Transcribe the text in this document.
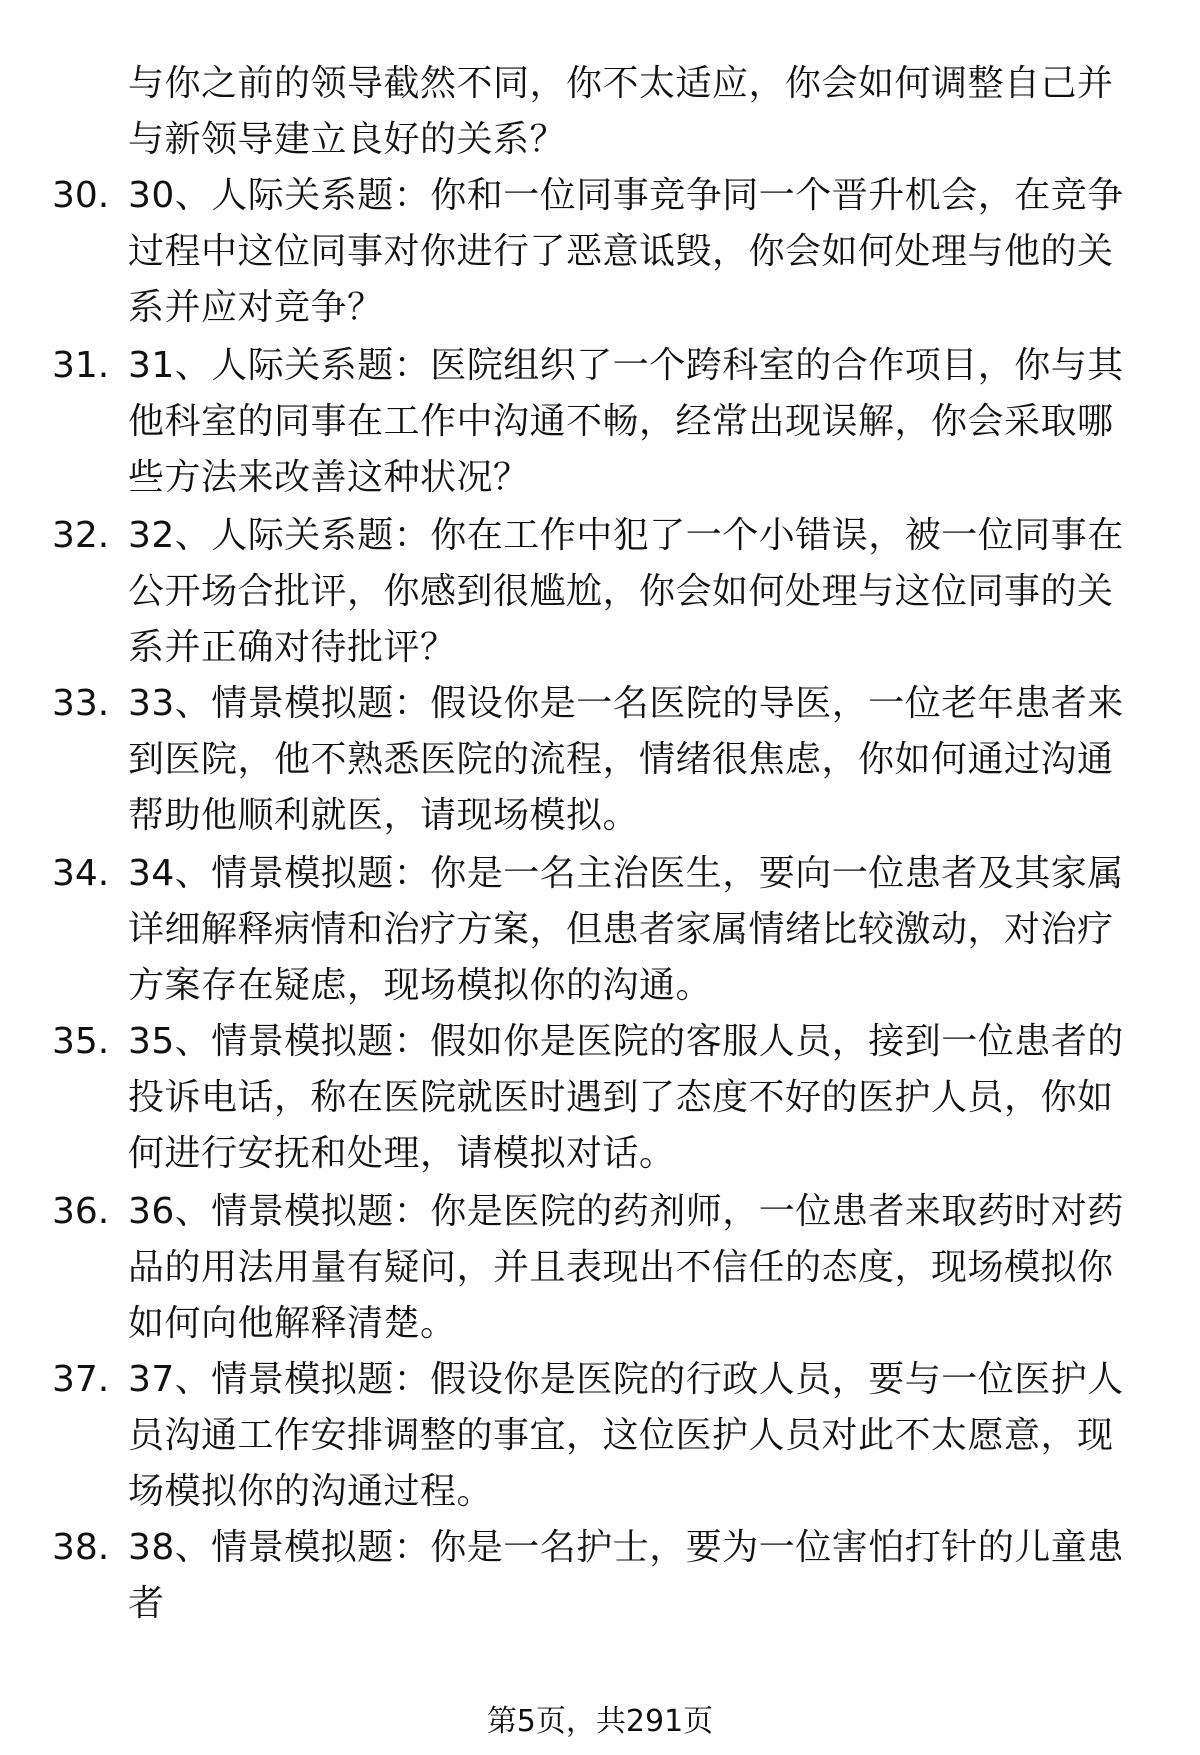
与你之前的领导截然不同，你不太适应，你会如何调整自己并与新领导建立良好的关系？

30. 30、人际关系题：你和一位同事竞争同一个晋升机会，在竞争过程中这位同事对你进行了恶意诋毁，你会如何处理与他的关系并应对竞争？

31. 31、人际关系题：医院组织了一个跨科室的合作项目，你与其他科室的同事在工作中沟通不畅，经常出现误解，你会采取哪些方法来改善这种状况？

32. 32、人际关系题：你在工作中犯了一个小错误，被一位同事在公开场合批评，你感到很尴尬，你会如何处理与这位同事的关系并正确对待批评？

33. 33、情景模拟题：假设你是一名医院的导医，一位老年患者来到医院，他不熟悉医院的流程，情绪很焦虑，你如何通过沟通帮助他顺利就医，请现场模拟。

34. 34、情景模拟题：你是一名主治医生，要向一位患者及其家属详细解释病情和治疗方案，但患者家属情绪比较激动，对治疗方案存在疑虑，现场模拟你的沟通。

35. 35、情景模拟题：假如你是医院的客服人员，接到一位患者的投诉电话，称在医院就医时遇到了态度不好的医护人员，你如何进行安抚和处理，请模拟对话。

36. 36、情景模拟题：你是医院的药剂师，一位患者来取药时对药品的用法用量有疑问，并且表现出不信任的态度，现场模拟你如何向他解释清楚。

37. 37、情景模拟题：假设你是医院的行政人员，要与一位医护人员沟通工作安排调整的事宜，这位医护人员对此不太愿意，现场模拟你的沟通过程。

38. 38、情景模拟题：你是一名护士，要为一位害怕打针的儿童患者

第5页，共291页
